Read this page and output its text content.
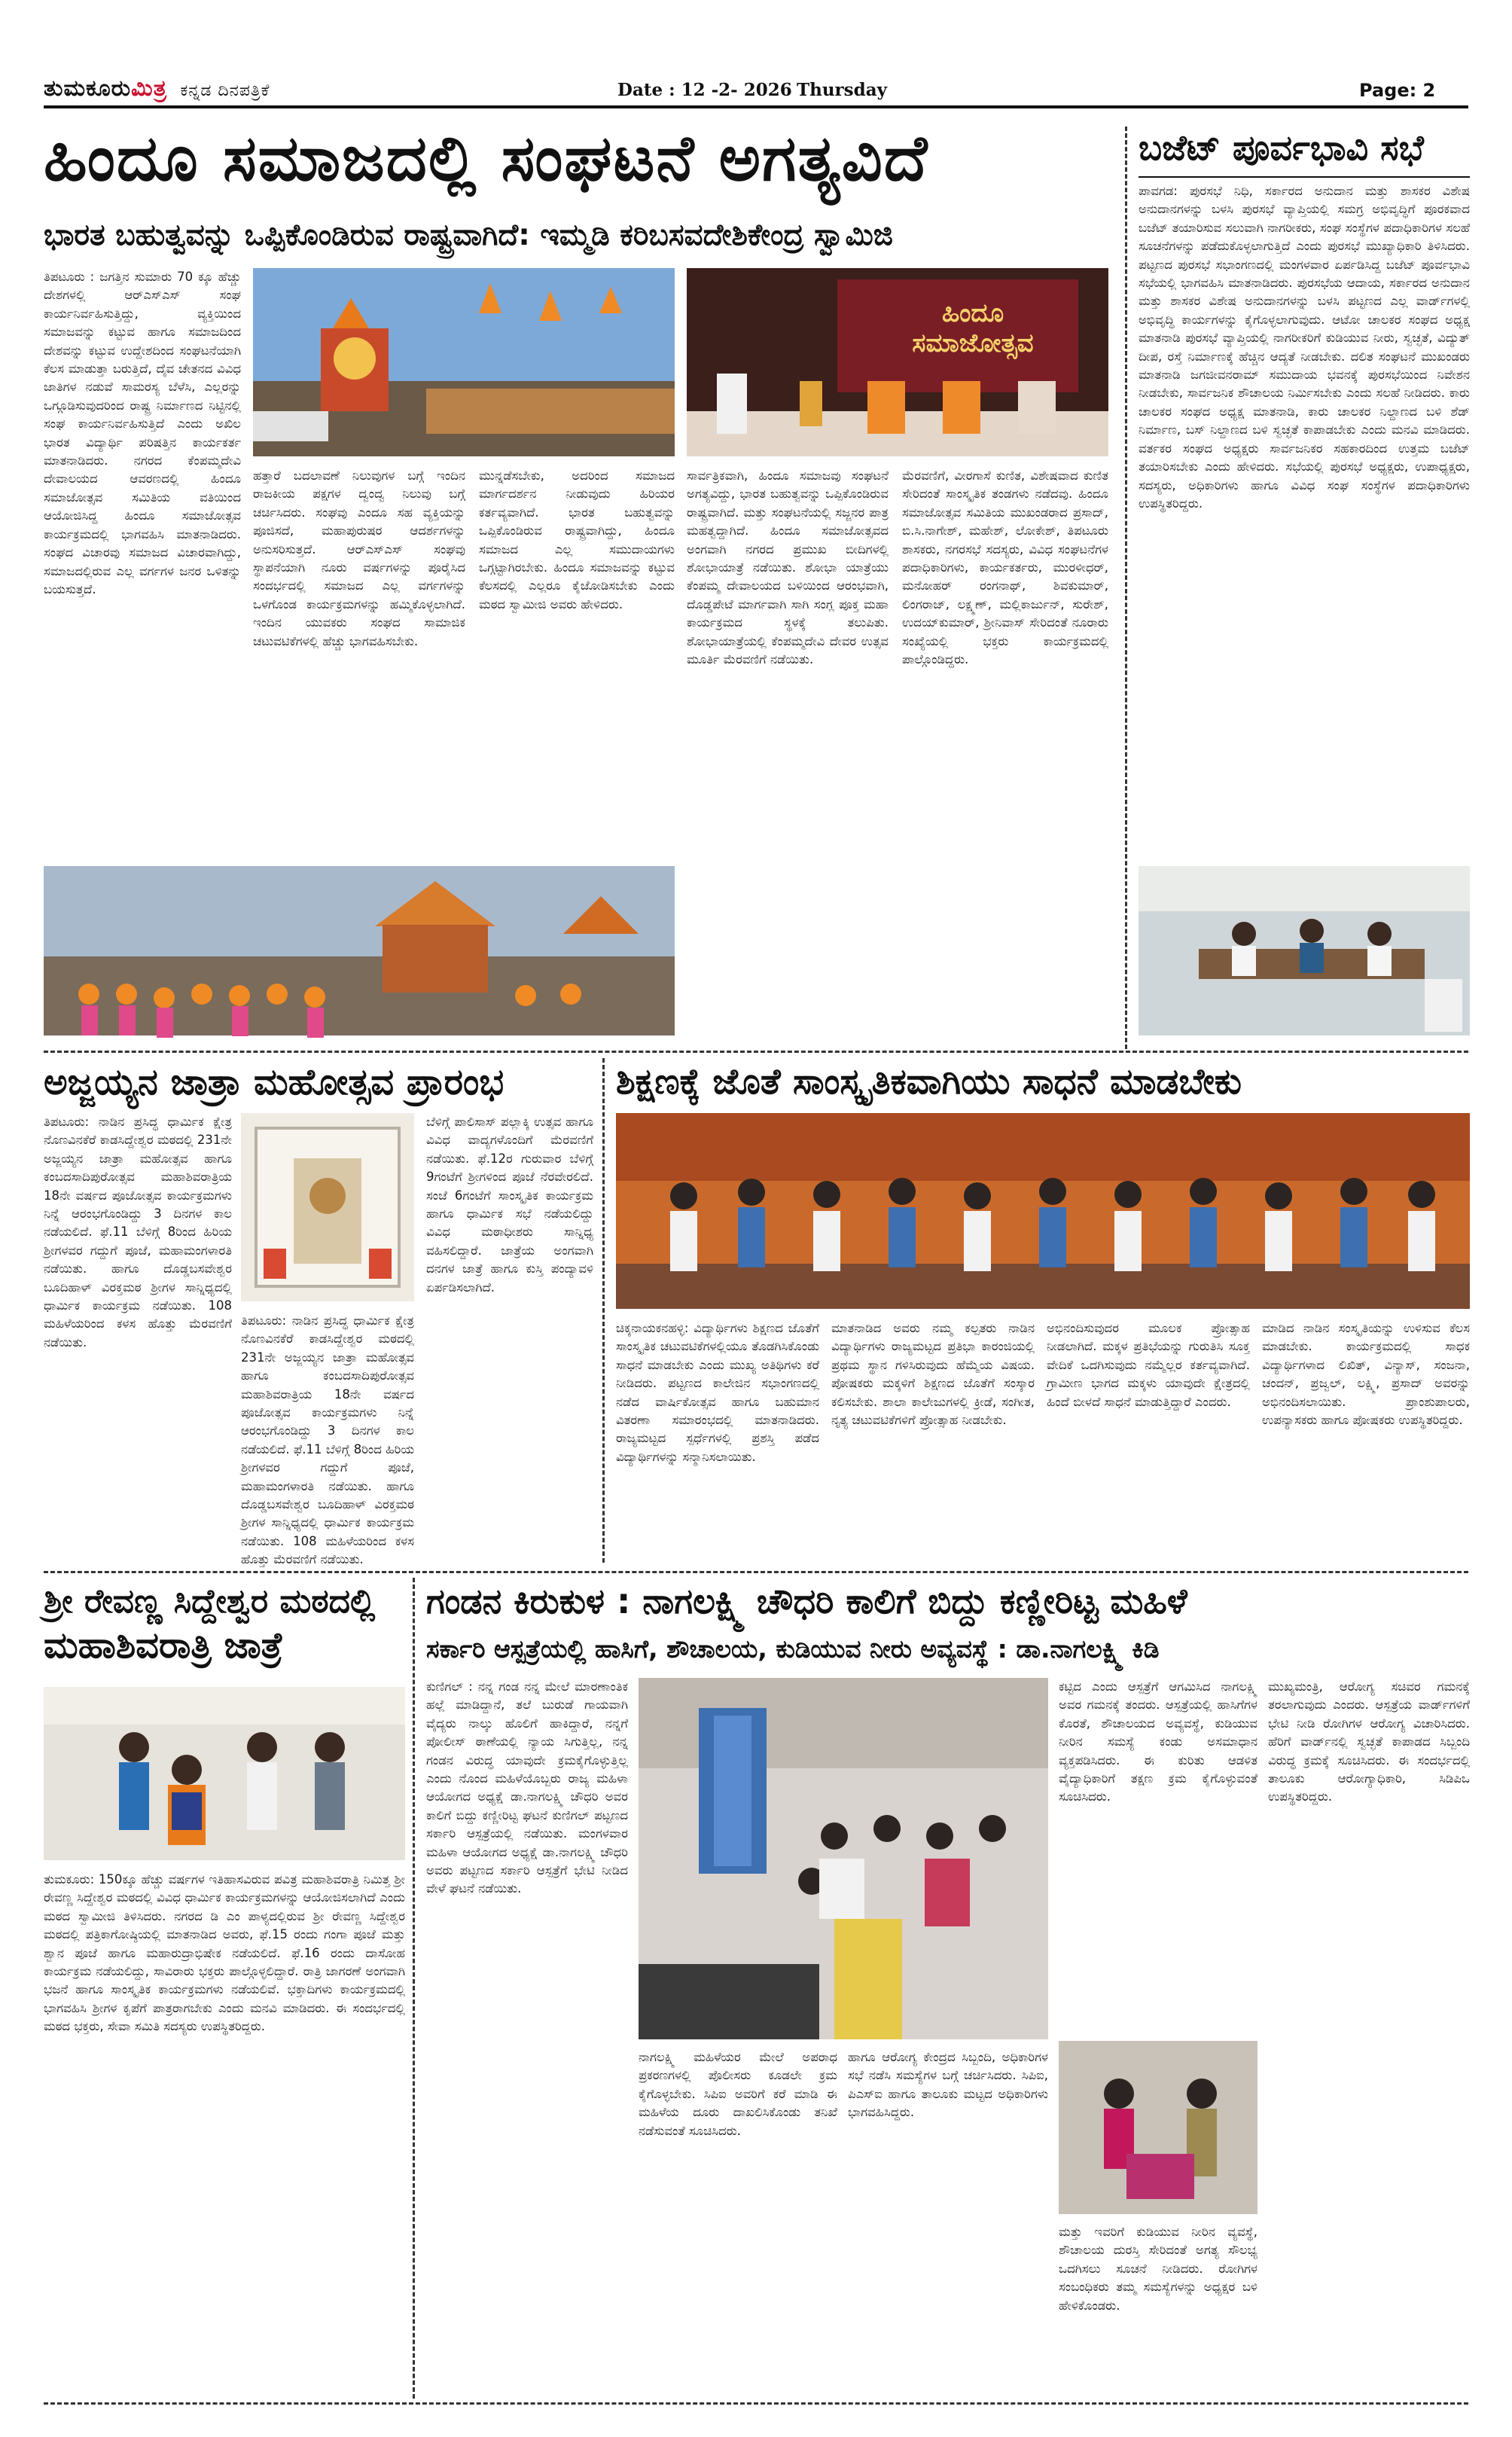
ತುಮಕೂರುಮಿತ್ರ ಕನ್ನಡ ದಿನಪತ್ರಿಕೆ	Date : 12 -2- 2026 Thursday	Page: 2
ಹಿಂದೂ ಸಮಾಜದಲ್ಲಿ ಸಂಘಟನೆ ಅಗತ್ಯವಿದೆ
ಭಾರತ ಬಹುತ್ವವನ್ನು ಒಪ್ಪಿಕೊಂಡಿರುವ ರಾಷ್ಟ್ರವಾಗಿದೆ: ಇಮ್ಮಡಿ ಕರಿಬಸವದೇಶಿಕೇಂದ್ರ ಸ್ವಾಮಿಜಿ
ತಿಪಟೂರು : ಜಗತ್ತಿನ ಸುಮಾರು 70 ಕ್ಕೂ ಹೆಚ್ಚು ದೇಶಗಳಲ್ಲಿ ಆರ್‌ಎಸ್‌ಎಸ್ ಸಂಘ ಕಾರ್ಯನಿರ್ವಹಿಸುತ್ತಿದ್ದು, ವ್ಯಕ್ತಿಯಿಂದ ಸಮಾಜವನ್ನು ಕಟ್ಟುವ ಹಾಗೂ ಸಮಾಜದಿಂದ ದೇಶವನ್ನು ಕಟ್ಟುವ ಉದ್ದೇಶದಿಂದ ಸಂಘಟನೆಯಾಗಿ ಕೆಲಸ ಮಾಡುತ್ತಾ ಬರುತ್ತಿದೆ, ದೈವ ಚೇತನದ ವಿವಿಧ ಜಾತಿಗಳ ನಡುವೆ ಸಾಮರಸ್ಯ ಬೆಳೆಸಿ, ಎಲ್ಲರನ್ನು ಒಗ್ಗೂಡಿಸುವುದರಿಂದ ರಾಷ್ಟ್ರ ನಿರ್ಮಾಣದ ನಿಟ್ಟಿನಲ್ಲಿ ಸಂಘ ಕಾರ್ಯನಿರ್ವಹಿಸುತ್ತಿದೆ ಎಂದು ಅಖಿಲ ಭಾರತ ವಿದ್ಯಾರ್ಥಿ ಪರಿಷತ್ತಿನ ಕಾರ್ಯಕರ್ತ ಮಾತನಾಡಿದರು. ನಗರದ ಕೆಂಪಮ್ಮದೇವಿ ದೇವಾಲಯದ ಆವರಣದಲ್ಲಿ ಹಿಂದೂ ಸಮಾಜೋತ್ಸವ ಸಮಿತಿಯ ವತಿಯಿಂದ ಆಯೋಜಿಸಿದ್ದ ಹಿಂದೂ ಸಮಾಜೋತ್ಸವ ಕಾರ್ಯಕ್ರಮದಲ್ಲಿ ಭಾಗವಹಿಸಿ ಮಾತನಾಡಿದರು. ಸಂಘದ ವಿಚಾರವು ಸಮಾಜದ ವಿಚಾರವಾಗಿದ್ದು, ಸಮಾಜದಲ್ಲಿರುವ ಎಲ್ಲ ವರ್ಗಗಳ ಜನರ ಒಳಿತನ್ನು ಬಯಸುತ್ತದೆ.
ಹಿಂದೂ ಸಮಾಜೋತ್ಸವ
ಹತ್ತಾರೆ ಬದಲಾವಣೆ ನಿಲುವುಗಳ ಬಗ್ಗೆ ಇಂದಿನ ರಾಜಕೀಯ ಪಕ್ಷಗಳ ದ್ವಂದ್ವ ನಿಲುವು ಬಗ್ಗೆ ಚರ್ಚಿಸಿದರು. ಸಂಘವು ಎಂದೂ ಸಹ ವ್ಯಕ್ತಿಯನ್ನು ಪೂಜಿಸದೆ, ಮಹಾಪುರುಷರ ಆದರ್ಶಗಳನ್ನು ಅನುಸರಿಸುತ್ತದೆ. ಆರ್‌ಎಸ್‌ಎಸ್ ಸಂಘವು ಸ್ಥಾಪನೆಯಾಗಿ ನೂರು ವರ್ಷಗಳನ್ನು ಪೂರೈಸಿದ ಸಂದರ್ಭದಲ್ಲಿ ಸಮಾಜದ ಎಲ್ಲ ವರ್ಗಗಳನ್ನು ಒಳಗೊಂಡ ಕಾರ್ಯಕ್ರಮಗಳನ್ನು ಹಮ್ಮಿಕೊಳ್ಳಲಾಗಿದೆ. ಇಂದಿನ ಯುವಕರು ಸಂಘದ ಸಾಮಾಜಿಕ ಚಟುವಟಿಕೆಗಳಲ್ಲಿ ಹೆಚ್ಚು ಭಾಗವಹಿಸಬೇಕು.
ಮುನ್ನಡೆಸಬೇಕು, ಅದರಿಂದ ಸಮಾಜದ ಮಾರ್ಗದರ್ಶನ ನೀಡುವುದು ಹಿರಿಯರ ಕರ್ತವ್ಯವಾಗಿದೆ. ಭಾರತ ಬಹುತ್ವವನ್ನು ಒಪ್ಪಿಕೊಂಡಿರುವ ರಾಷ್ಟ್ರವಾಗಿದ್ದು, ಹಿಂದೂ ಸಮಾಜದ ಎಲ್ಲ ಸಮುದಾಯಗಳು ಒಗ್ಗಟ್ಟಾಗಿರಬೇಕು. ಹಿಂದೂ ಸಮಾಜವನ್ನು ಕಟ್ಟುವ ಕೆಲಸದಲ್ಲಿ ಎಲ್ಲರೂ ಕೈಜೋಡಿಸಬೇಕು ಎಂದು ಮಠದ ಸ್ವಾಮೀಜಿ ಅವರು ಹೇಳಿದರು.
ಸಾರ್ವತ್ರಿಕವಾಗಿ, ಹಿಂದೂ ಸಮಾಜವು ಸಂಘಟನೆ ಅಗತ್ಯವಿದ್ದು, ಭಾರತ ಬಹುತ್ವವನ್ನು ಒಪ್ಪಿಕೊಂಡಿರುವ ರಾಷ್ಟ್ರವಾಗಿದೆ. ಮತ್ತು ಸಂಘಟನೆಯಲ್ಲಿ ಸಜ್ಜನರ ಪಾತ್ರ ಮಹತ್ವದ್ದಾಗಿದೆ. ಹಿಂದೂ ಸಮಾಜೋತ್ಸವದ ಅಂಗವಾಗಿ ನಗರದ ಪ್ರಮುಖ ಬೀದಿಗಳಲ್ಲಿ ಶೋಭಾಯಾತ್ರೆ ನಡೆಯಿತು. ಶೋಭಾ ಯಾತ್ರೆಯು ಕೆಂಪಮ್ಮ ದೇವಾಲಯದ ಬಳಿಯಿಂದ ಆರಂಭವಾಗಿ, ದೊಡ್ಡಪೇಟೆ ಮಾರ್ಗವಾಗಿ ಸಾಗಿ ಸಂಗ್ಲ ಪೂಕ್ತ ಮಹಾ ಕಾರ್ಯಕ್ರಮದ ಸ್ಥಳಕ್ಕೆ ತಲುಪಿತು. ಶೋಭಾಯಾತ್ರೆಯಲ್ಲಿ ಕೆಂಪಮ್ಮದೇವಿ ದೇವರ ಉತ್ಸವ ಮೂರ್ತಿ ಮೆರವಣಿಗೆ ನಡೆಯಿತು.
ಮೆರವಣಿಗೆ, ವೀರಗಾಸೆ ಕುಣಿತ, ವಿಶೇಷವಾದ ಕುಣಿತ ಸೇರಿದಂತೆ ಸಾಂಸ್ಕೃತಿಕ ತಂಡಗಳು ನಡೆದವು. ಹಿಂದೂ ಸಮಾಜೋತ್ಸವ ಸಮಿತಿಯ ಮುಖಂಡರಾದ ಪ್ರಸಾದ್, ಬಿ.ಸಿ.ನಾಗೇಶ್, ಮಹೇಶ್, ಲೋಕೇಶ್, ತಿಪಟೂರು ಶಾಸಕರು, ನಗರಸಭೆ ಸದಸ್ಯರು, ವಿವಿಧ ಸಂಘಟನೆಗಳ ಪದಾಧಿಕಾರಿಗಳು, ಕಾರ್ಯಕರ್ತರು, ಮುರಳೀಧರ್, ಮನೋಹರ್ ರಂಗನಾಥ್, ಶಿವಕುಮಾರ್, ಲಿಂಗರಾಜ್, ಲಕ್ಷ್ಮಣ್, ಮಲ್ಲಿಕಾರ್ಜುನ್, ಸುರೇಶ್, ಉದಯ್‌ಕುಮಾರ್, ಶ್ರೀನಿವಾಸ್ ಸೇರಿದಂತೆ ನೂರಾರು ಸಂಖ್ಯೆಯಲ್ಲಿ ಭಕ್ತರು ಕಾರ್ಯಕ್ರಮದಲ್ಲಿ ಪಾಲ್ಗೊಂಡಿದ್ದರು.
ಬಜೆಟ್ ಪೂರ್ವಭಾವಿ ಸಭೆ
ಪಾವಗಡ: ಪುರಸಭೆ ನಿಧಿ, ಸರ್ಕಾರದ ಅನುದಾನ ಮತ್ತು ಶಾಸಕರ ವಿಶೇಷ ಅನುದಾನಗಳನ್ನು ಬಳಸಿ ಪುರಸಭೆ ವ್ಯಾಪ್ತಿಯಲ್ಲಿ ಸಮಗ್ರ ಅಭಿವೃದ್ಧಿಗೆ ಪೂರಕವಾದ ಬಜೆಟ್ ತಯಾರಿಸುವ ಸಲುವಾಗಿ ನಾಗರೀಕರು, ಸಂಘ ಸಂಸ್ಥೆಗಳ ಪದಾಧಿಕಾರಿಗಳ ಸಲಹೆ ಸೂಚನೆಗಳನ್ನು ಪಡೆದುಕೊಳ್ಳಲಾಗುತ್ತಿದೆ ಎಂದು ಪುರಸಭೆ ಮುಖ್ಯಾಧಿಕಾರಿ ತಿಳಿಸಿದರು. ಪಟ್ಟಣದ ಪುರಸಭೆ ಸಭಾಂಗಣದಲ್ಲಿ ಮಂಗಳವಾರ ಏರ್ಪಡಿಸಿದ್ದ ಬಜೆಟ್ ಪೂರ್ವಭಾವಿ ಸಭೆಯಲ್ಲಿ ಭಾಗವಹಿಸಿ ಮಾತನಾಡಿದರು. ಪುರಸಭೆಯ ಆದಾಯ, ಸರ್ಕಾರದ ಅನುದಾನ ಮತ್ತು ಶಾಸಕರ ವಿಶೇಷ ಅನುದಾನಗಳನ್ನು ಬಳಸಿ ಪಟ್ಟಣದ ಎಲ್ಲ ವಾರ್ಡ್‌ಗಳಲ್ಲಿ ಅಭಿವೃದ್ಧಿ ಕಾರ್ಯಗಳನ್ನು ಕೈಗೊಳ್ಳಲಾಗುವುದು. ಆಟೋ ಚಾಲಕರ ಸಂಘದ ಅಧ್ಯಕ್ಷ ಮಾತನಾಡಿ ಪುರಸಭೆ ವ್ಯಾಪ್ತಿಯಲ್ಲಿ ನಾಗರೀಕರಿಗೆ ಕುಡಿಯುವ ನೀರು, ಸ್ವಚ್ಛತೆ, ವಿದ್ಯುತ್ ದೀಪ, ರಸ್ತೆ ನಿರ್ಮಾಣಕ್ಕೆ ಹೆಚ್ಚಿನ ಆದ್ಯತೆ ನೀಡಬೇಕು. ದಲಿತ ಸಂಘಟನೆ ಮುಖಂಡರು ಮಾತನಾಡಿ ಜಗಜೀವನರಾಮ್ ಸಮುದಾಯ ಭವನಕ್ಕೆ ಪುರಸಭೆಯಿಂದ ನಿವೇಶನ ನೀಡಬೇಕು, ಸಾರ್ವಜನಿಕ ಶೌಚಾಲಯ ನಿರ್ಮಿಸಬೇಕು ಎಂದು ಸಲಹೆ ನೀಡಿದರು. ಕಾರು ಚಾಲಕರ ಸಂಘದ ಅಧ್ಯಕ್ಷ ಮಾತನಾಡಿ, ಕಾರು ಚಾಲಕರ ನಿಲ್ದಾಣದ ಬಳಿ ಶೆಡ್ ನಿರ್ಮಾಣ, ಬಸ್ ನಿಲ್ದಾಣದ ಬಳಿ ಸ್ವಚ್ಛತೆ ಕಾಪಾಡಬೇಕು ಎಂದು ಮನವಿ ಮಾಡಿದರು. ವರ್ತಕರ ಸಂಘದ ಅಧ್ಯಕ್ಷರು ಸಾರ್ವಜನಿಕರ ಸಹಕಾರದಿಂದ ಉತ್ತಮ ಬಜೆಟ್ ತಯಾರಿಸಬೇಕು ಎಂದು ಹೇಳಿದರು. ಸಭೆಯಲ್ಲಿ ಪುರಸಭೆ ಅಧ್ಯಕ್ಷರು, ಉಪಾಧ್ಯಕ್ಷರು, ಸದಸ್ಯರು, ಅಧಿಕಾರಿಗಳು ಹಾಗೂ ವಿವಿಧ ಸಂಘ ಸಂಸ್ಥೆಗಳ ಪದಾಧಿಕಾರಿಗಳು ಉಪಸ್ಥಿತರಿದ್ದರು.
ಅಜ್ಜಯ್ಯನ ಜಾತ್ರಾ ಮಹೋತ್ಸವ ಪ್ರಾರಂಭ
ತಿಪಟೂರು: ನಾಡಿನ ಪ್ರಸಿದ್ಧ ಧಾರ್ಮಿಕ ಕ್ಷೇತ್ರ ನೊಣವಿನಕೆರೆ ಕಾಡಸಿದ್ದೇಶ್ವರ ಮಠದಲ್ಲಿ 231ನೇ ಅಜ್ಜಯ್ಯನ ಜಾತ್ರಾ ಮಹೋತ್ಸವ ಹಾಗೂ ಕಂಬದಸಾದಿಪುರೋತ್ಸವ ಮಹಾಶಿವರಾತ್ರಿಯ 18ನೇ ವರ್ಷದ ಪೂಜೋತ್ಸವ ಕಾರ್ಯಕ್ರಮಗಳು ನಿನ್ನೆ ಆರಂಭಗೊಂಡಿದ್ದು 3 ದಿನಗಳ ಕಾಲ ನಡೆಯಲಿದೆ. ಫೆ.11 ಬೆಳಿಗ್ಗೆ 8ರಿಂದ ಹಿರಿಯ ಶ್ರೀಗಳವರ ಗದ್ದುಗೆ ಪೂಜೆ, ಮಹಾಮಂಗಳಾರತಿ ನಡೆಯಿತು. ಹಾಗೂ ದೊಡ್ಡಬಸವೇಶ್ವರ ಬೂದಿಹಾಳ್ ವಿರಕ್ತಮಠ ಶ್ರೀಗಳ ಸಾನ್ನಿಧ್ಯದಲ್ಲಿ ಧಾರ್ಮಿಕ ಕಾರ್ಯಕ್ರಮ ನಡೆಯಿತು. 108 ಮಹಿಳೆಯರಿಂದ ಕಳಸ ಹೊತ್ತು ಮೆರವಣಿಗೆ ನಡೆಯಿತು.
ಬೆಳಿಗ್ಗೆ ಪಾಲಿಸಾಸ್ ಪಲ್ಲಾಕ್ಕಿ ಉತ್ಸವ ಹಾಗೂ ವಿವಿಧ ವಾದ್ಯಗಳೊಂದಿಗೆ ಮೆರವಣಿಗೆ ನಡೆಯಿತು. ಫೆ.12ರ ಗುರುವಾರ ಬೆಳಿಗ್ಗೆ 9ಗಂಟೆಗೆ ಶ್ರೀಗಳಿಂದ ಪೂಜೆ ನೆರವೇರಲಿದೆ. ಸಂಜೆ 6ಗಂಟೆಗೆ ಸಾಂಸ್ಕೃತಿಕ ಕಾರ್ಯಕ್ರಮ ಹಾಗೂ ಧಾರ್ಮಿಕ ಸಭೆ ನಡೆಯಲಿದ್ದು ವಿವಿಧ ಮಠಾಧೀಶರು ಸಾನ್ನಿಧ್ಯ ವಹಿಸಲಿದ್ದಾರೆ. ಜಾತ್ರೆಯ ಅಂಗವಾಗಿ ದನಗಳ ಜಾತ್ರೆ ಹಾಗೂ ಕುಸ್ತಿ ಪಂದ್ಯಾವಳಿ ಏರ್ಪಡಿಸಲಾಗಿದೆ.
ತಿಪಟೂರು: ನಾಡಿನ ಪ್ರಸಿದ್ಧ ಧಾರ್ಮಿಕ ಕ್ಷೇತ್ರ ನೊಣವಿನಕೆರೆ ಕಾಡಸಿದ್ದೇಶ್ವರ ಮಠದಲ್ಲಿ 231ನೇ ಅಜ್ಜಯ್ಯನ ಜಾತ್ರಾ ಮಹೋತ್ಸವ ಹಾಗೂ ಕಂಬದಸಾದಿಪುರೋತ್ಸವ ಮಹಾಶಿವರಾತ್ರಿಯ 18ನೇ ವರ್ಷದ ಪೂಜೋತ್ಸವ ಕಾರ್ಯಕ್ರಮಗಳು ನಿನ್ನೆ ಆರಂಭಗೊಂಡಿದ್ದು 3 ದಿನಗಳ ಕಾಲ ನಡೆಯಲಿದೆ. ಫೆ.11 ಬೆಳಿಗ್ಗೆ 8ರಿಂದ ಹಿರಿಯ ಶ್ರೀಗಳವರ ಗದ್ದುಗೆ ಪೂಜೆ, ಮಹಾಮಂಗಳಾರತಿ ನಡೆಯಿತು. ಹಾಗೂ ದೊಡ್ಡಬಸವೇಶ್ವರ ಬೂದಿಹಾಳ್ ವಿರಕ್ತಮಠ ಶ್ರೀಗಳ ಸಾನ್ನಿಧ್ಯದಲ್ಲಿ ಧಾರ್ಮಿಕ ಕಾರ್ಯಕ್ರಮ ನಡೆಯಿತು. 108 ಮಹಿಳೆಯರಿಂದ ಕಳಸ ಹೊತ್ತು ಮೆರವಣಿಗೆ ನಡೆಯಿತು.
ಶಿಕ್ಷಣಕ್ಕೆ ಜೊತೆ ಸಾಂಸ್ಕೃತಿಕವಾಗಿಯು ಸಾಧನೆ ಮಾಡಬೇಕು
ಚಿಕ್ಕನಾಯಕನಹಳ್ಳಿ: ವಿದ್ಯಾರ್ಥಿಗಳು ಶಿಕ್ಷಣದ ಜೊತೆಗೆ ಸಾಂಸ್ಕೃತಿಕ ಚಟುವಟಿಕೆಗಳಲ್ಲಿಯೂ ತೊಡಗಿಸಿಕೊಂಡು ಸಾಧನೆ ಮಾಡಬೇಕು ಎಂದು ಮುಖ್ಯ ಅತಿಥಿಗಳು ಕರೆ ನೀಡಿದರು. ಪಟ್ಟಣದ ಕಾಲೇಜಿನ ಸಭಾಂಗಣದಲ್ಲಿ ನಡೆದ ವಾರ್ಷಿಕೋತ್ಸವ ಹಾಗೂ ಬಹುಮಾನ ವಿತರಣಾ ಸಮಾರಂಭದಲ್ಲಿ ಮಾತನಾಡಿದರು. ರಾಜ್ಯಮಟ್ಟದ ಸ್ಪರ್ಧೆಗಳಲ್ಲಿ ಪ್ರಶಸ್ತಿ ಪಡೆದ ವಿದ್ಯಾರ್ಥಿಗಳನ್ನು ಸನ್ಮಾನಿಸಲಾಯಿತು.
ಮಾತನಾಡಿದ ಅವರು ನಮ್ಮ ಕಲ್ಪತರು ನಾಡಿನ ವಿದ್ಯಾರ್ಥಿಗಳು ರಾಜ್ಯಮಟ್ಟದ ಪ್ರತಿಭಾ ಕಾರಂಜಿಯಲ್ಲಿ ಪ್ರಥಮ ಸ್ಥಾನ ಗಳಿಸಿರುವುದು ಹೆಮ್ಮೆಯ ವಿಷಯ. ಪೋಷಕರು ಮಕ್ಕಳಿಗೆ ಶಿಕ್ಷಣದ ಜೊತೆಗೆ ಸಂಸ್ಕಾರ ಕಲಿಸಬೇಕು. ಶಾಲಾ ಕಾಲೇಜುಗಳಲ್ಲಿ ಕ್ರೀಡೆ, ಸಂಗೀತ, ನೃತ್ಯ ಚಟುವಟಿಕೆಗಳಿಗೆ ಪ್ರೋತ್ಸಾಹ ನೀಡಬೇಕು.
ಅಭಿನಂದಿಸುವುದರ ಮೂಲಕ ಪ್ರೋತ್ಸಾಹ ನೀಡಲಾಗಿದೆ. ಮಕ್ಕಳ ಪ್ರತಿಭೆಯನ್ನು ಗುರುತಿಸಿ ಸೂಕ್ತ ವೇದಿಕೆ ಒದಗಿಸುವುದು ನಮ್ಮೆಲ್ಲರ ಕರ್ತವ್ಯವಾಗಿದೆ. ಗ್ರಾಮೀಣ ಭಾಗದ ಮಕ್ಕಳು ಯಾವುದೇ ಕ್ಷೇತ್ರದಲ್ಲಿ ಹಿಂದೆ ಬೀಳದೆ ಸಾಧನೆ ಮಾಡುತ್ತಿದ್ದಾರೆ ಎಂದರು.
ಮಾಡಿದ ನಾಡಿನ ಸಂಸ್ಕೃತಿಯನ್ನು ಉಳಿಸುವ ಕೆಲಸ ಮಾಡಬೇಕು. ಕಾರ್ಯಕ್ರಮದಲ್ಲಿ ಸಾಧಕ ವಿದ್ಯಾರ್ಥಿಗಳಾದ ಲಿಖಿತ್, ವಿನ್ಯಾಸ್, ಸಂಜನಾ, ಚಂದನ್, ಪ್ರಜ್ವಲ್, ಲಕ್ಷ್ಮಿ, ಪ್ರಸಾದ್ ಅವರನ್ನು ಅಭಿನಂದಿಸಲಾಯಿತು. ಪ್ರಾಂಶುಪಾಲರು, ಉಪನ್ಯಾಸಕರು ಹಾಗೂ ಪೋಷಕರು ಉಪಸ್ಥಿತರಿದ್ದರು.
ಶ್ರೀ ರೇವಣ್ಣ ಸಿದ್ದೇಶ್ವರ ಮಠದಲ್ಲಿ
ಮಹಾಶಿವರಾತ್ರಿ ಜಾತ್ರೆ
ತುಮಕೂರು: 150ಕ್ಕೂ ಹೆಚ್ಚು ವರ್ಷಗಳ ಇತಿಹಾಸವಿರುವ ಪವಿತ್ರ ಮಹಾಶಿವರಾತ್ರಿ ನಿಮಿತ್ತ ಶ್ರೀ ರೇವಣ್ಣ ಸಿದ್ದೇಶ್ವರ ಮಠದಲ್ಲಿ ವಿವಿಧ ಧಾರ್ಮಿಕ ಕಾರ್ಯಕ್ರಮಗಳನ್ನು ಆಯೋಜಿಸಲಾಗಿದೆ ಎಂದು ಮಠದ ಸ್ವಾಮೀಜಿ ತಿಳಿಸಿದರು. ನಗರದ ಡಿ ಎಂ ಪಾಳ್ಯದಲ್ಲಿರುವ ಶ್ರೀ ರೇವಣ್ಣ ಸಿದ್ದೇಶ್ವರ ಮಠದಲ್ಲಿ ಪತ್ರಿಕಾಗೋಷ್ಠಿಯಲ್ಲಿ ಮಾತನಾಡಿದ ಅವರು, ಫೆ.15 ರಂದು ಗಂಗಾ ಪೂಜೆ ಮತ್ತು ಶ್ವಾನ ಪೂಜೆ ಹಾಗೂ ಮಹಾರುದ್ರಾಭಿಷೇಕ ನಡೆಯಲಿದೆ. ಫೆ.16 ರಂದು ದಾಸೋಹ ಕಾರ್ಯಕ್ರಮ ನಡೆಯಲಿದ್ದು, ಸಾವಿರಾರು ಭಕ್ತರು ಪಾಲ್ಗೊಳ್ಳಲಿದ್ದಾರೆ. ರಾತ್ರಿ ಜಾಗರಣೆ ಅಂಗವಾಗಿ ಭಜನೆ ಹಾಗೂ ಸಾಂಸ್ಕೃತಿಕ ಕಾರ್ಯಕ್ರಮಗಳು ನಡೆಯಲಿವೆ. ಭಕ್ತಾದಿಗಳು ಕಾರ್ಯಕ್ರಮದಲ್ಲಿ ಭಾಗವಹಿಸಿ ಶ್ರೀಗಳ ಕೃಪೆಗೆ ಪಾತ್ರರಾಗಬೇಕು ಎಂದು ಮನವಿ ಮಾಡಿದರು. ಈ ಸಂದರ್ಭದಲ್ಲಿ ಮಠದ ಭಕ್ತರು, ಸೇವಾ ಸಮಿತಿ ಸದಸ್ಯರು ಉಪಸ್ಥಿತರಿದ್ದರು.
ಗಂಡನ ಕಿರುಕುಳ : ನಾಗಲಕ್ಷ್ಮಿ ಚೌಧರಿ ಕಾಲಿಗೆ ಬಿದ್ದು ಕಣ್ಣೀರಿಟ್ಟ ಮಹಿಳೆ
ಸರ್ಕಾರಿ ಆಸ್ಪತ್ರೆಯಲ್ಲಿ ಹಾಸಿಗೆ, ಶೌಚಾಲಯ, ಕುಡಿಯುವ ನೀರು ಅವ್ಯವಸ್ಥೆ : ಡಾ.ನಾಗಲಕ್ಷ್ಮಿ ಕಿಡಿ
ಕುಣಿಗಲ್ : ನನ್ನ ಗಂಡ ನನ್ನ ಮೇಲೆ ಮಾರಣಾಂತಿಕ ಹಲ್ಲೆ ಮಾಡಿದ್ದಾನೆ, ತಲೆ ಬುರುಡೆ ಗಾಯವಾಗಿ ವೈದ್ಯರು ನಾಲ್ಕು ಹೊಲಿಗೆ ಹಾಕಿದ್ದಾರೆ, ನನ್ನಗೆ ಪೋಲೀಸ್ ಠಾಣೆಯಲ್ಲಿ ನ್ಯಾಯ ಸಿಗುತ್ತಿಲ್ಲ, ನನ್ನ ಗಂಡನ ವಿರುದ್ಧ ಯಾವುದೇ ಕ್ರಮಕೈಗೊಳ್ಳುತ್ತಿಲ್ಲ ಎಂದು ನೊಂದ ಮಹಿಳೆಯೊಬ್ಬರು ರಾಜ್ಯ ಮಹಿಳಾ ಆಯೋಗದ ಅಧ್ಯಕ್ಷೆ ಡಾ.ನಾಗಲಕ್ಷ್ಮಿ ಚೌಧರಿ ಅವರ ಕಾಲಿಗೆ ಬಿದ್ದು ಕಣ್ಣೀರಿಟ್ಟ ಘಟನೆ ಕುಣಿಗಲ್ ಪಟ್ಟಣದ ಸರ್ಕಾರಿ ಆಸ್ಪತ್ರೆಯಲ್ಲಿ ನಡೆಯಿತು. ಮಂಗಳವಾರ ಮಹಿಳಾ ಆಯೋಗದ ಅಧ್ಯಕ್ಷೆ ಡಾ.ನಾಗಲಕ್ಷ್ಮಿ ಚೌಧರಿ ಅವರು ಪಟ್ಟಣದ ಸರ್ಕಾರಿ ಆಸ್ಪತ್ರೆಗೆ ಭೇಟಿ ನೀಡಿದ ವೇಳೆ ಘಟನೆ ನಡೆಯಿತು.
ಕಟ್ಟಿದ ಎಂದು ಆಸ್ಪತ್ರೆಗೆ ಆಗಮಿಸಿದ ನಾಗಲಕ್ಷ್ಮಿ ಅವರ ಗಮನಕ್ಕೆ ತಂದರು. ಆಸ್ಪತ್ರೆಯಲ್ಲಿ ಹಾಸಿಗೆಗಳ ಕೊರತೆ, ಶೌಚಾಲಯದ ಅವ್ಯವಸ್ಥೆ, ಕುಡಿಯುವ ನೀರಿನ ಸಮಸ್ಯೆ ಕಂಡು ಅಸಮಾಧಾನ ವ್ಯಕ್ತಪಡಿಸಿದರು. ಈ ಕುರಿತು ಆಡಳಿತ ವೈದ್ಯಾಧಿಕಾರಿಗೆ ತಕ್ಷಣ ಕ್ರಮ ಕೈಗೊಳ್ಳುವಂತೆ ಸೂಚಿಸಿದರು.
ಮುಖ್ಯಮಂತ್ರಿ, ಆರೋಗ್ಯ ಸಚಿವರ ಗಮನಕ್ಕೆ ತರಲಾಗುವುದು ಎಂದರು. ಆಸ್ಪತ್ರೆಯ ವಾರ್ಡ್‌ಗಳಿಗೆ ಭೇಟಿ ನೀಡಿ ರೋಗಿಗಳ ಆರೋಗ್ಯ ವಿಚಾರಿಸಿದರು. ಹೆರಿಗೆ ವಾರ್ಡ್‌ನಲ್ಲಿ ಸ್ವಚ್ಛತೆ ಕಾಪಾಡದ ಸಿಬ್ಬಂದಿ ವಿರುದ್ಧ ಕ್ರಮಕ್ಕೆ ಸೂಚಿಸಿದರು. ಈ ಸಂದರ್ಭದಲ್ಲಿ ತಾಲೂಕು ಆರೋಗ್ಯಾಧಿಕಾರಿ, ಸಿಡಿಪಿಒ ಉಪಸ್ಥಿತರಿದ್ದರು.
ನಾಗಲಕ್ಷ್ಮಿ ಮಹಿಳೆಯರ ಮೇಲೆ ಅಪರಾಧ ಪ್ರಕರಣಗಳಲ್ಲಿ ಪೊಲೀಸರು ಕೂಡಲೇ ಕ್ರಮ ಕೈಗೊಳ್ಳಬೇಕು. ಸಿಪಿಐ ಅವರಿಗೆ ಕರೆ ಮಾಡಿ ಈ ಮಹಿಳೆಯ ದೂರು ದಾಖಲಿಸಿಕೊಂಡು ತನಿಖೆ ನಡೆಸುವಂತೆ ಸೂಚಿಸಿದರು.
ಹಾಗೂ ಆರೋಗ್ಯ ಕೇಂದ್ರದ ಸಿಬ್ಬಂದಿ, ಅಧಿಕಾರಿಗಳ ಸಭೆ ನಡೆಸಿ ಸಮಸ್ಯೆಗಳ ಬಗ್ಗೆ ಚರ್ಚಿಸಿದರು. ಸಿಪಿಐ, ಪಿಎಸ್‌ಐ ಹಾಗೂ ತಾಲೂಕು ಮಟ್ಟದ ಅಧಿಕಾರಿಗಳು ಭಾಗವಹಿಸಿದ್ದರು.
ಮತ್ತು ಇವರಿಗೆ ಕುಡಿಯುವ ನೀರಿನ ವ್ಯವಸ್ಥೆ, ಶೌಚಾಲಯ ದುರಸ್ತಿ ಸೇರಿದಂತೆ ಅಗತ್ಯ ಸೌಲಭ್ಯ ಒದಗಿಸಲು ಸೂಚನೆ ನೀಡಿದರು. ರೋಗಿಗಳ ಸಂಬಂಧಿಕರು ತಮ್ಮ ಸಮಸ್ಯೆಗಳನ್ನು ಅಧ್ಯಕ್ಷರ ಬಳಿ ಹೇಳಿಕೊಂಡರು.
